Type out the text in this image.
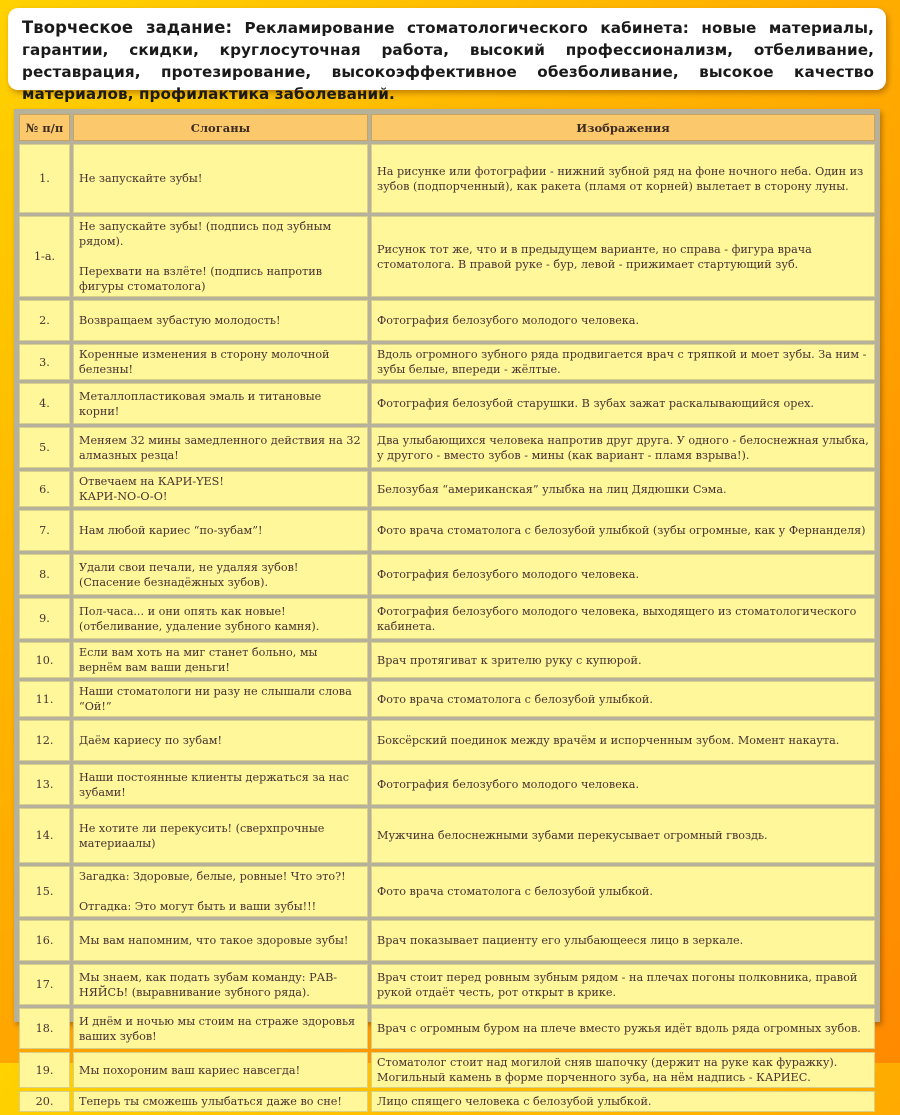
Творческое задание: Рекламирование стоматологического кабинета: новые материалы, гарантии, скидки, круглосуточная работа, высокий профессионализм, отбеливание, реставрация, протезирование, высокоэффективное обезболивание, высокое качество материалов, профилактика заболеваний.

№ п/п	Слоганы	Изображения
1.	Не запускайте зубы!	На рисунке или фотографии - нижний зубной ряд на фоне ночного неба. Один из зубов (подпорченный), как ракета (пламя от корней) вылетает в сторону луны.
1-а.	Не запускайте зубы! (подпись под зубным рядом).

Перехвати на взлёте! (подпись напротив фигуры стоматолога)	Рисунок тот же, что и в предыдущем варианте, но справа - фигура врача стоматолога. В правой руке - бур, левой - прижимает стартующий зуб.
2.	Возвращаем зубастую молодость!	Фотография белозубого молодого человека.
3.	Коренные изменения в сторону молочной белезны!	Вдоль огромного зубного ряда продвигается врач с тряпкой и моет зубы. За ним - зубы белые, впереди - жёлтые.
4.	Металлопластиковая эмаль и титановые корни!	Фотография белозубой старушки. В зубах зажат раскалывающийся орех.
5.	Меняем 32 мины замедленного действия на 32 алмазных резца!	Два улыбающихся человека напротив друг друга. У одного - белоснежная улыбка, у другого - вместо зубов - мины (как вариант - пламя взрыва!).
6.	Отвечаем на КАРИ-YES!
КАРИ-NO-O-O!	Белозубая “американская” улыбка на лиц Дядюшки Сэма.
7.	Нам любой кариес “по-зубам”!	Фото врача стоматолога с белозубой улыбкой (зубы огромные, как у Фернанделя)
8.	Удали свои печали, не удаляя зубов! (Спасение безнадёжных зубов).	Фотография белозубого молодого человека.
9.	Пол-часа... и они опять как новые! (отбеливание, удаление зубного камня).	Фотография белозубого молодого человека, выходящего из стоматологического кабинета.
10.	Если вам хоть на миг станет больно, мы вернём вам ваши деньги!	Врач протягиват к зрителю руку с купюрой.
11.	Наши стоматологи ни разу не слышали слова “Ой!”	Фото врача стоматолога с белозубой улыбкой.
12.	Даём кариесу по зубам!	Боксёрский поединок между врачём и испорченным зубом. Момент накаута.
13.	Наши постоянные клиенты держаться за нас зубами!	Фотография белозубого молодого человека.
14.	Не хотите ли перекусить! (сверхпрочные материаалы)	Мужчина белоснежными зубами перекусывает огромный гвоздь.
15.	Загадка: Здоровые, белые, ровные! Что это?!

Отгадка: Это могут быть и ваши зубы!!!	Фото врача стоматолога с белозубой улыбкой.
16.	Мы вам напомним, что такое здоровые зубы!	Врач показывает пациенту его улыбающееся лицо в зеркале.
17.	Мы знаем, как подать зубам команду: РАВ-НЯЙСЬ! (выравнивание зубного ряда).	Врач стоит перед ровным зубным рядом - на плечах погоны полковника, правой рукой отдаёт честь, рот открыт в крике.
18.	И днём и ночью мы стоим на страже здоровья ваших зубов!	Врач с огромным буром на плече вместо ружья идёт вдоль ряда огромных зубов.
19.	Мы похороним ваш кариес навсегда!	Стоматолог стоит над могилой сняв шапочку (держит на руке как фуражку). Могильный камень в форме порченного зуба, на нём надпись - КАРИЕС.
20.	Теперь ты сможешь улыбаться даже во сне!	Лицо спящего человека с белозубой улыбкой.
